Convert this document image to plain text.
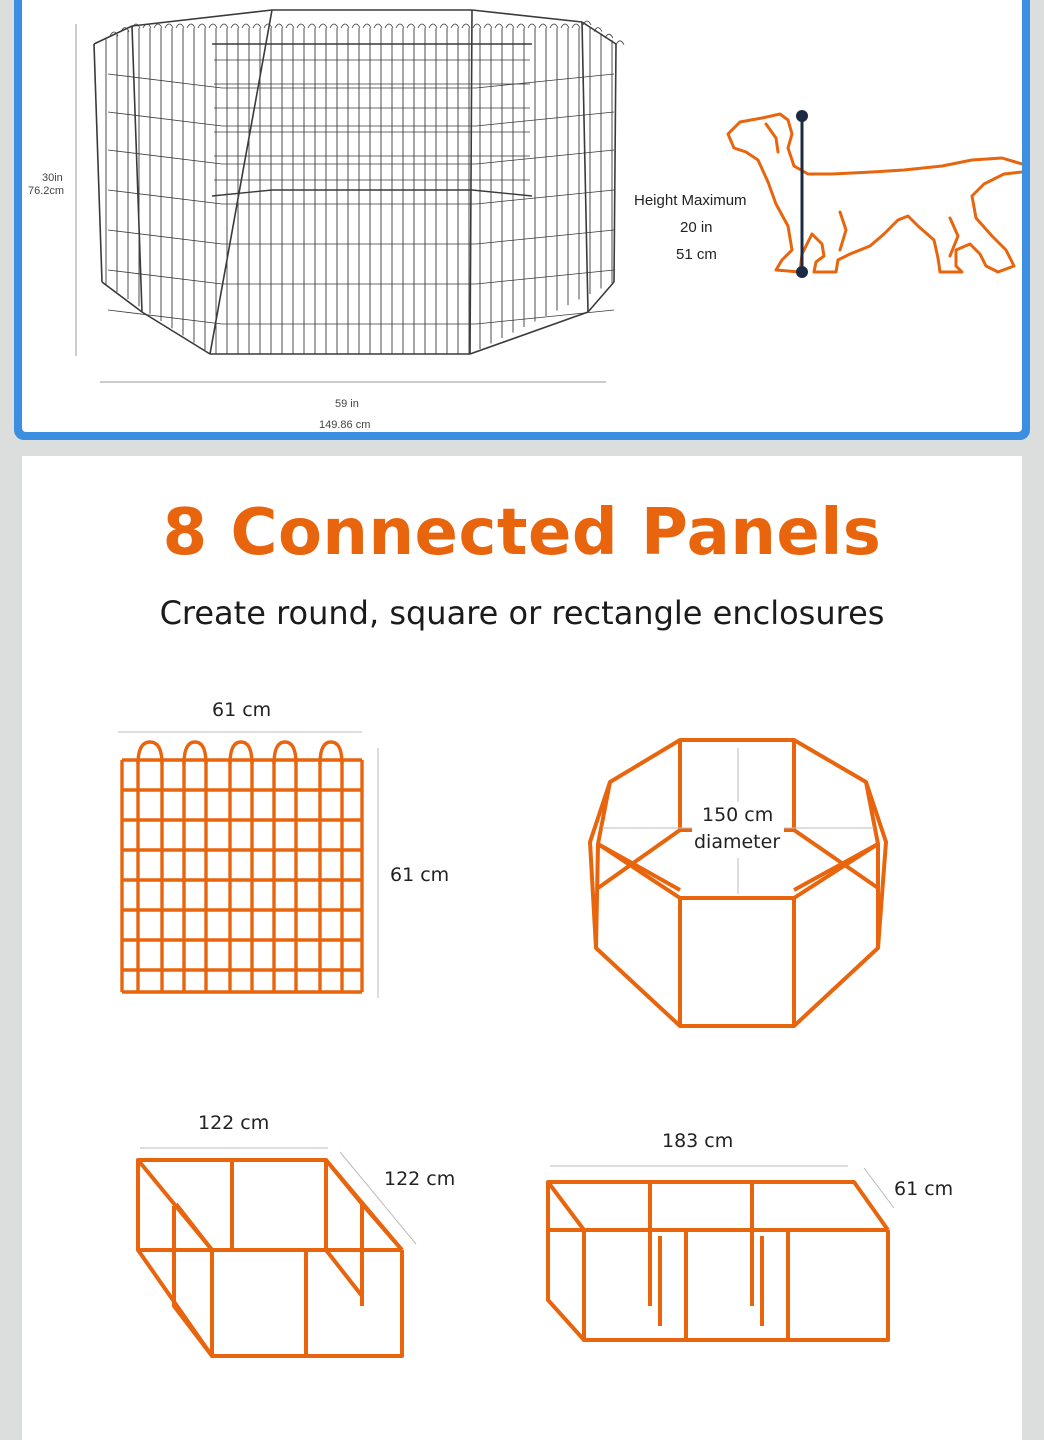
30in
76.2cm
59 in
149.86 cm
Height Maximum
20 in
51 cm
8 Connected Panels
Create round, square or rectangle enclosures
61 cm
61 cm
150 cm
diameter
122 cm
122 cm
183 cm
61 cm
